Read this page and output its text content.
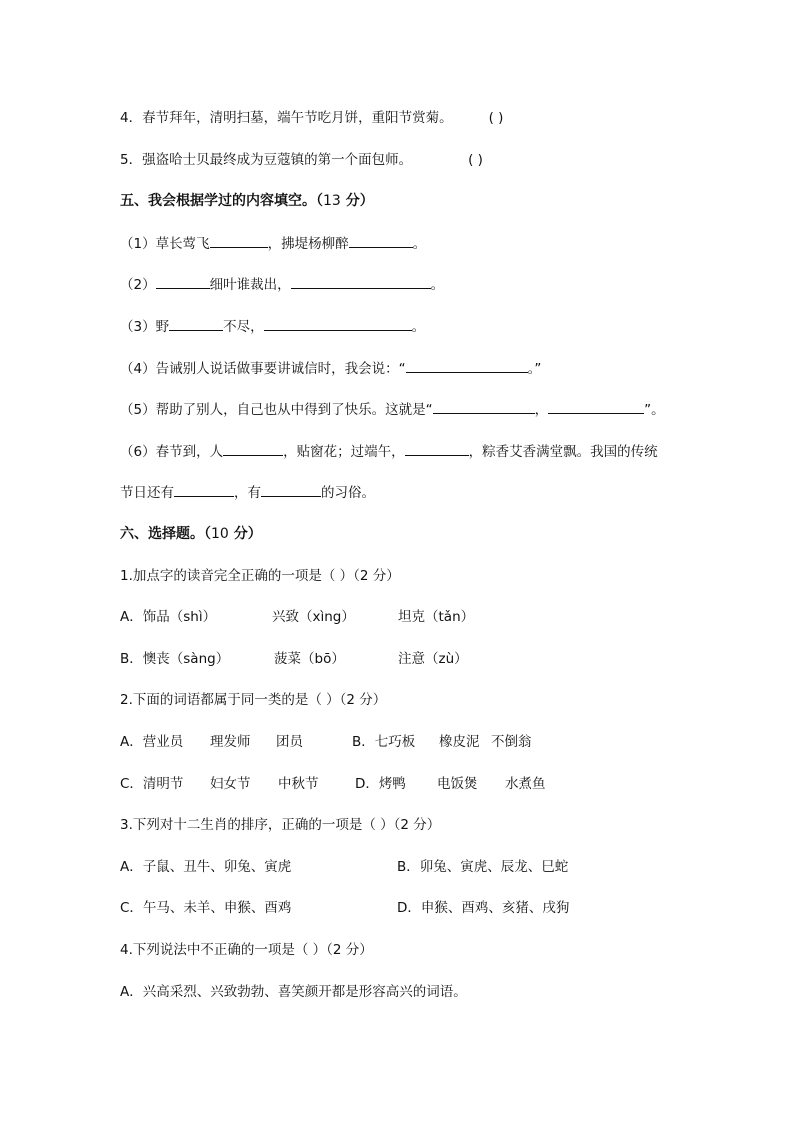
4．春节拜年，清明扫墓，端午节吃月饼，重阳节赏菊。	( )
5．强盗哈士贝最终成为豆蔻镇的第一个面包师。	( )
五、我会根据学过的内容填空。（13 分）
（1）草长莺飞	，拂堤杨柳醉	。
（2）	细叶谁裁出，	。
（3）野	不尽，	。
（4）告诫别人说话做事要讲诚信时，我会说：“	。”
（5）帮助了别人，自己也从中得到了快乐。这就是“	，	”。
（6）春节到，人	，贴窗花；过端午，	，粽香艾香满堂飘。我国的传统
节日还有	，有	的习俗。
六、选择题。（10 分）
1.加点字的读音完全正确的一项是（ ）（2 分）
A．饰品（shì）	兴致（xìng）	坦克（tǎn）
B．懊丧（sàng）	菠菜（bō）	注意（zù）
2.下面的词语都属于同一类的是（ ）（2 分）
A．营业员 理发师 团员	B．七巧板 橡皮泥 不倒翁
C．清明节 妇女节 中秋节	D．烤鸭 电饭煲 水煮鱼
3.下列对十二生肖的排序，正确的一项是（ ）（2 分）
A．子鼠、丑牛、卯兔、寅虎	B．卯兔、寅虎、辰龙、巳蛇
C．午马、未羊、申猴、酉鸡	D．申猴、酉鸡、亥猪、戌狗
4.下列说法中不正确的一项是（ ）（2 分）
A．兴高采烈、兴致勃勃、喜笑颜开都是形容高兴的词语。
